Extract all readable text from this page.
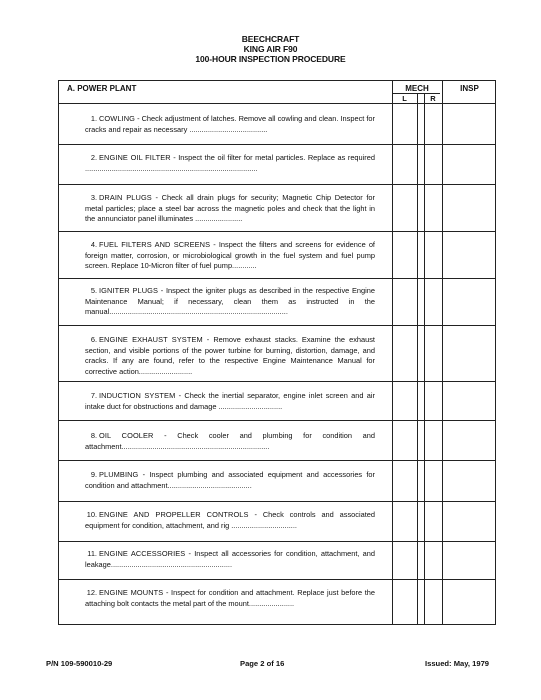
BEECHCRAFT
KING AIR F90
100-HOUR INSPECTION PROCEDURE
A. POWER PLANT	MECH	INSP
L	R
1. COWLING - Check adjustment of latches. Remove all cowling and clean. Inspect for cracks and repair as necessary ......................................
2. ENGINE OIL FILTER - Inspect the oil filter for metal particles. Replace as required ....................................................................................
3. DRAIN PLUGS - Check all drain plugs for security; Magnetic Chip Detector for metal particles; place a steel bar across the magnetic poles and check that the light in the annunciator panel illuminates .......................
4. FUEL FILTERS AND SCREENS - Inspect the filters and screens for evidence of foreign matter, corrosion, or microbiological growth in the fuel system and fuel pump screen. Replace 10-Micron filter of fuel pump............
5. IGNITER PLUGS - Inspect the igniter plugs as described in the respective Engine Maintenance Manual; if necessary, clean them as instructed in the manual.......................................................................................
6. ENGINE EXHAUST SYSTEM - Remove exhaust stacks. Examine the exhaust section, and visible portions of the power turbine for burning, distortion, damage, and cracks. If any are found, refer to the respective Engine Maintenance Manual for corrective action..........................
7. INDUCTION SYSTEM - Check the inertial separator, engine inlet screen and air intake duct for obstructions and damage ...............................
8. OIL COOLER - Check cooler and plumbing for condition and attachment........................................................................
9. PLUMBING - Inspect plumbing and associated equipment and accessories for condition and attachment.........................................
10. ENGINE AND PROPELLER CONTROLS - Check controls and associated equipment for condition, attachment, and rig ................................
11. ENGINE ACCESSORIES - Inspect all accessories for condition, attachment, and leakage...........................................................
12. ENGINE MOUNTS - Inspect for condition and attachment. Replace just before the attaching bolt contacts the metal part of the mount......................
P/N 109-590010-29	Page 2 of 16	Issued: May, 1979
